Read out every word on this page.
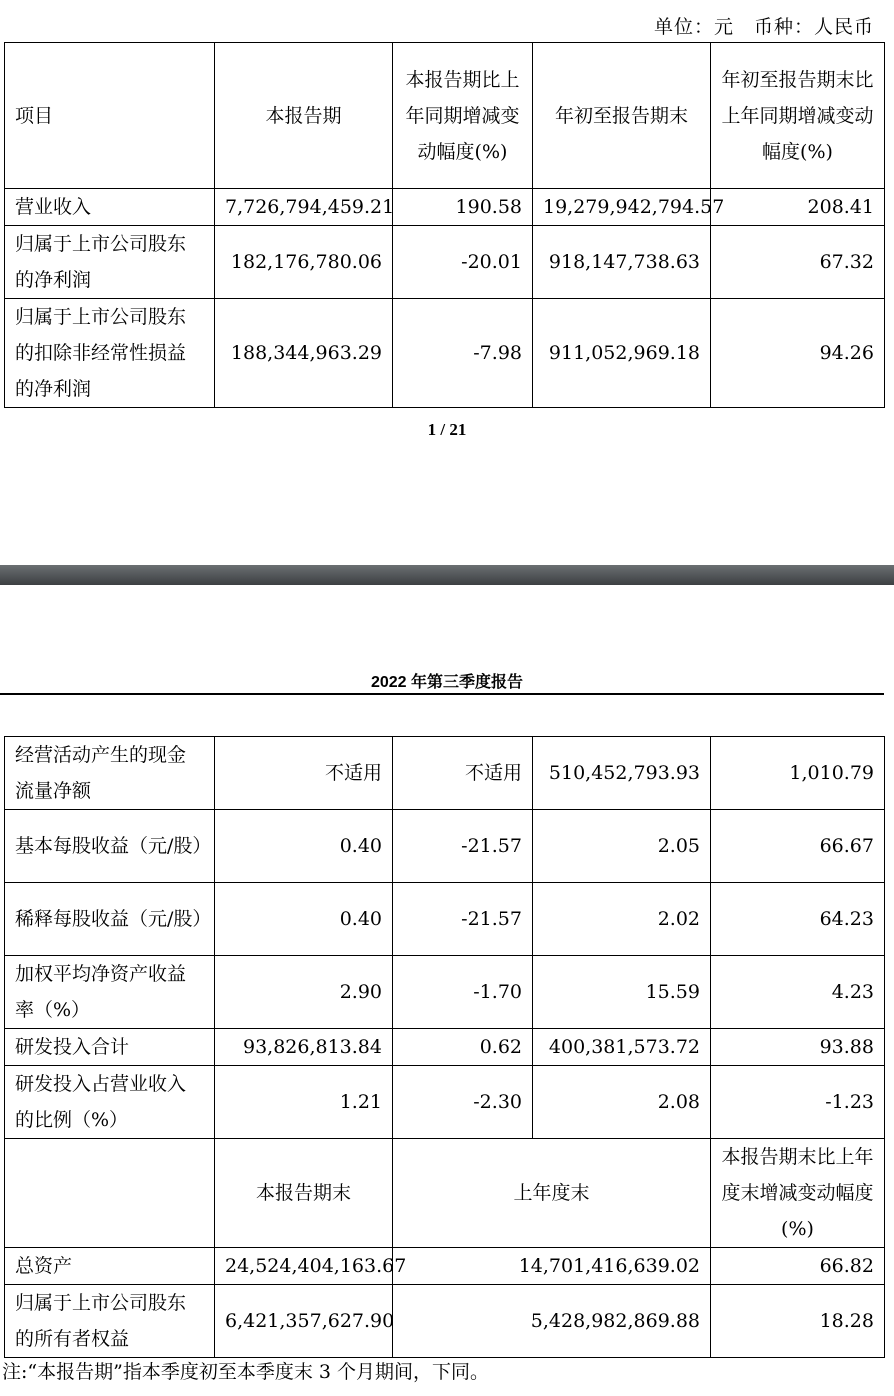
单位：元　币种：人民币
项目	本报告期	本报告期比上年同期增减变动幅度(%)	年初至报告期末	年初至报告期末比上年同期增减变动幅度(%)
营业收入	7,726,794,459.21	190.58	19,279,942,794.57	208.41
归属于上市公司股东的净利润	182,176,780.06	-20.01	918,147,738.63	67.32
归属于上市公司股东的扣除非经常性损益的净利润	188,344,963.29	-7.98	911,052,969.18	94.26
1 / 21
2022 年第三季度报告
经营活动产生的现金流量净额	不适用	不适用	510,452,793.93	1,010.79
基本每股收益（元/股）	0.40	-21.57	2.05	66.67
稀释每股收益（元/股）	0.40	-21.57	2.02	64.23
加权平均净资产收益率（%）	2.90	-1.70	15.59	4.23
研发投入合计	93,826,813.84	0.62	400,381,573.72	93.88
研发投入占营业收入的比例（%）	1.21	-2.30	2.08	-1.23
	本报告期末	上年度末		本报告期末比上年度末增减变动幅度(%)
总资产	24,524,404,163.67	14,701,416,639.02		66.82
归属于上市公司股东的所有者权益	6,421,357,627.90	5,428,982,869.88		18.28
注:“本报告期”指本季度初至本季度末 3 个月期间，下同。
